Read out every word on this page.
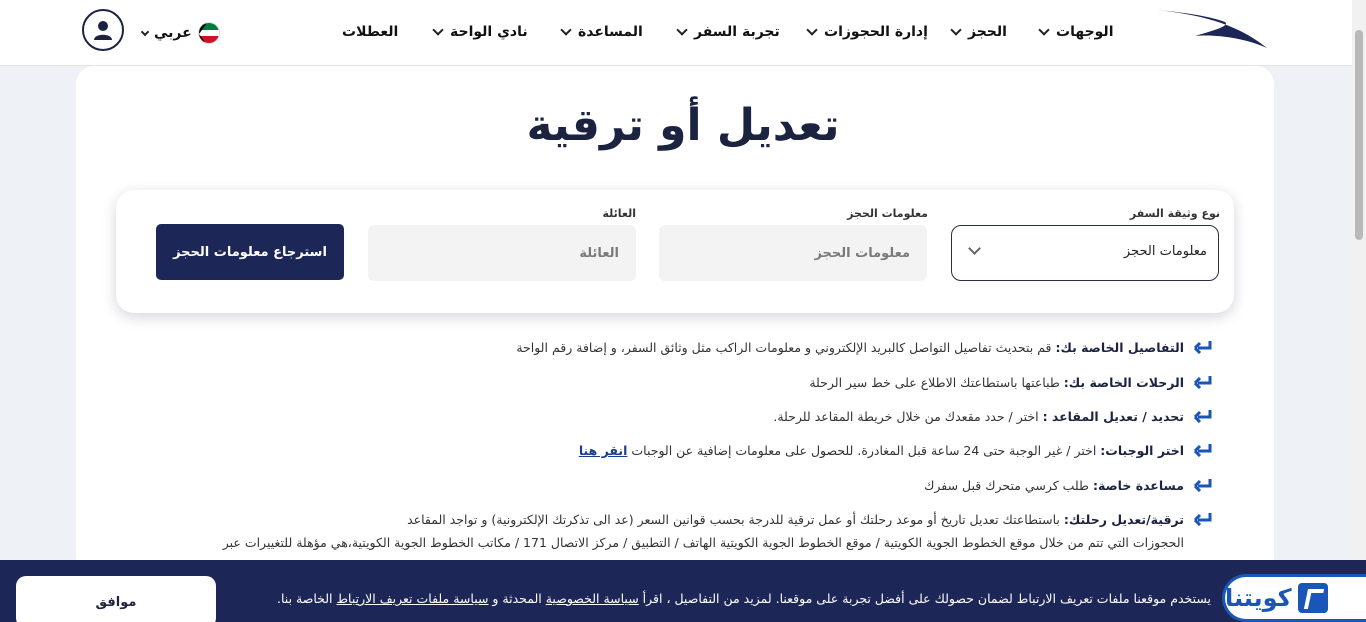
الوجهات
الحجز
إدارة الحجوزات
تجربة السفر
المساعدة
نادي الواحة
العطلات
عربي
تعديل أو ترقية
نوع وثيقة السفر
معلومات الحجز
معلومات الحجز
معلومات الحجز
العائلة
العائلة
استرجاع معلومات الحجز
التفاصيل الخاصة بك: قم بتحديث تفاصيل التواصل كالبريد الإلكتروني و معلومات الراكب مثل وثائق السفر، و إضافة رقم الواحة
الرحلات الخاصة بك: طباعتها باستطاعتك الاطلاع على خط سير الرحلة
تحديد / تعديل المقاعد : اختر / حدد مقعدك من خلال خريطة المقاعد للرحلة.
اختر الوجبات: اختر / غير الوجبة حتى 24 ساعة قبل المغادرة. للحصول على معلومات إضافية عن الوجبات انقر هنا
مساعدة خاصة: طلب كرسي متحرك قبل سفرك
ترقية/تعديل رحلتك: باستطاعتك تعديل تاريخ أو موعد رحلتك أو عمل ترقية للدرجة بحسب قوانين السعر (عد الى تذكرتك الإلكترونية) و تواجد المقاعد
الحجوزات التي تتم من خلال موقع الخطوط الجوية الكويتية / موقع الخطوط الجوية الكويتية الهاتف / التطبيق / مركز الاتصال 171 / مكاتب الخطوط الجوية الكويتية،هي مؤهلة للتغييرات عبر
يستخدم موقعنا ملفات تعريف الارتباط لضمان حصولك على أفضل تجربة على موقعنا. لمزيد من التفاصيل ، اقرأ سياسة الخصوصية المحدثة و سياسة ملفات تعريف الارتباط الخاصة بنا.
موافق	كويتنا
